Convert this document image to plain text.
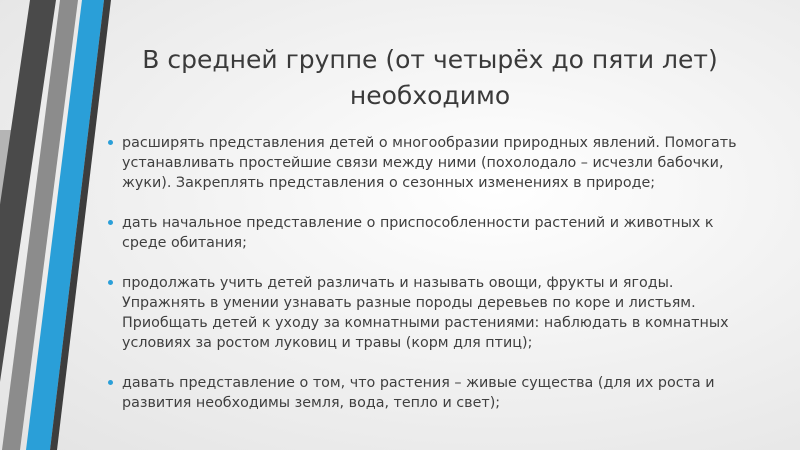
В средней группе (от четырёх до пяти лет)
необходимо
расширять представления детей о многообразии природных явлений. Помогать устанавливать простейшие связи между ними (похолодало – исчезли бабочки, жуки). Закреплять представления о сезонных изменениях в природе;
дать начальное представление о приспособленности растений и животных к среде обитания;
продолжать учить детей различать и называть овощи, фрукты и ягоды. Упражнять в умении узнавать разные породы деревьев по коре и листьям. Приобщать детей к уходу за комнатными растениями: наблюдать в комнатных условиях за ростом луковиц и травы (корм для птиц);
давать представление о том, что растения – живые существа (для их роста и развития необходимы земля, вода, тепло и свет);
